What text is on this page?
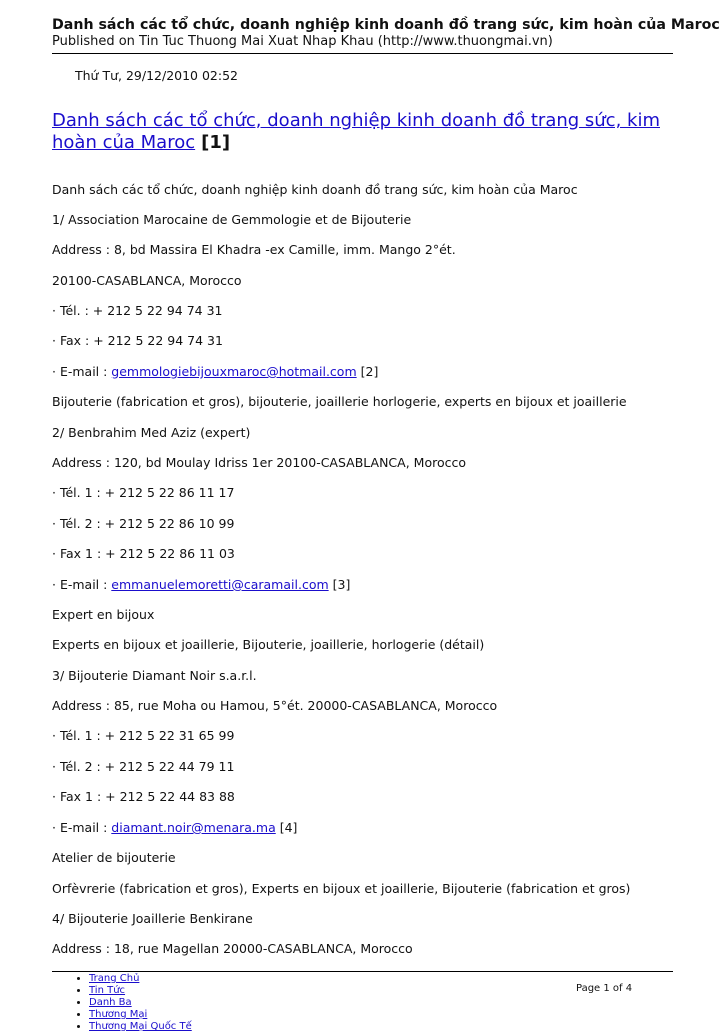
Danh sách các tổ chức, doanh nghiệp kinh doanh đồ trang sức, kim hoàn của Maroc
Published on Tin Tuc Thuong Mai Xuat Nhap Khau (http://www.thuongmai.vn)
Thứ Tư, 29/12/2010 02:52
Danh sách các tổ chức, doanh nghiệp kinh doanh đồ trang sức, kim hoàn của Maroc [1]
Danh sách các tổ chức, doanh nghiệp kinh doanh đồ trang sức, kim hoàn của Maroc
1/ Association Marocaine de Gemmologie et de Bijouterie
Address : 8, bd Massira El Khadra -ex Camille, imm. Mango 2°ét.
20100-CASABLANCA, Morocco
· Tél. : + 212 5 22 94 74 31
· Fax : + 212 5 22 94 74 31
· E-mail : gemmologiebijouxmaroc@hotmail.com [2]
Bijouterie (fabrication et gros), bijouterie, joaillerie horlogerie, experts en bijoux et joaillerie
2/ Benbrahim Med Aziz (expert)
Address : 120, bd Moulay Idriss 1er 20100-CASABLANCA, Morocco
· Tél. 1 : + 212 5 22 86 11 17
· Tél. 2 : + 212 5 22 86 10 99
· Fax 1 : + 212 5 22 86 11 03
· E-mail : emmanuelemoretti@caramail.com [3]
Expert en bijoux
Experts en bijoux et joaillerie, Bijouterie, joaillerie, horlogerie (détail)
3/ Bijouterie Diamant Noir s.a.r.l.
Address : 85, rue Moha ou Hamou, 5°ét. 20000-CASABLANCA, Morocco
· Tél. 1 : + 212 5 22 31 65 99
· Tél. 2 : + 212 5 22 44 79 11
· Fax 1 : + 212 5 22 44 83 88
· E-mail : diamant.noir@menara.ma [4]
Atelier de bijouterie
Orfèvrerie (fabrication et gros), Experts en bijoux et joaillerie, Bijouterie (fabrication et gros)
4/ Bijouterie Joaillerie Benkirane
Address : 18, rue Magellan 20000-CASABLANCA, Morocco
• Trang Chủ
• Tin Tức
• Danh Ba
• Thương Mại
• Thương Mại Quốc Tế
Page 1 of 4
